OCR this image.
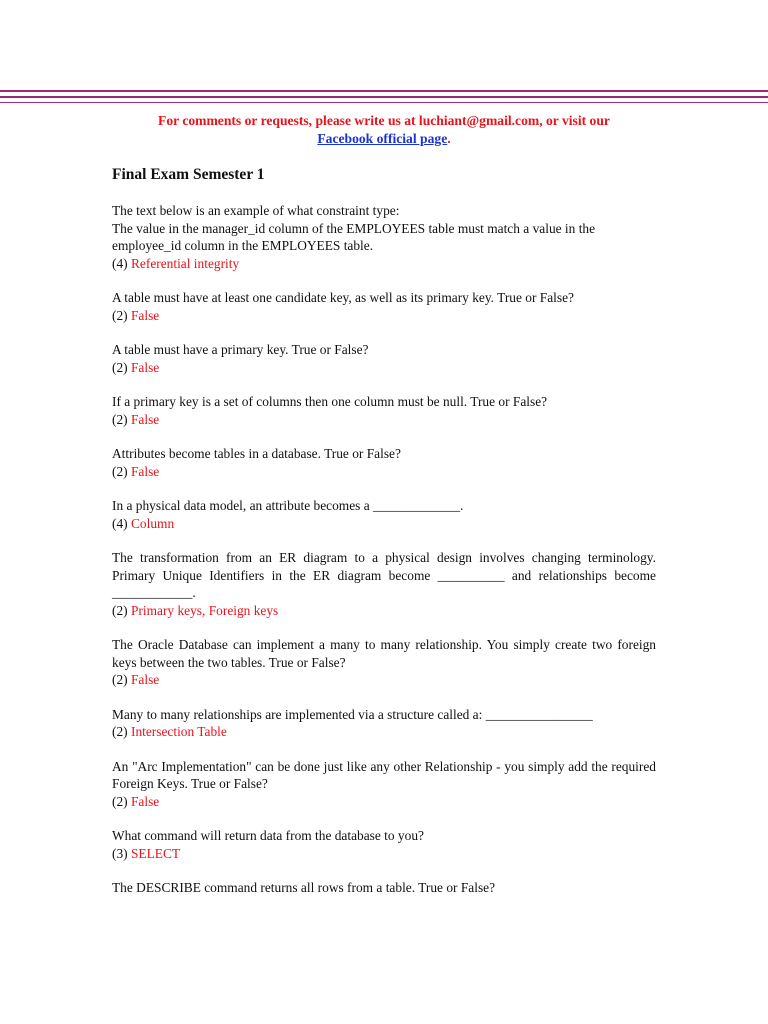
For comments or requests, please write us at luchiant@gmail.com, or visit our
Facebook official page.
Final Exam Semester 1

The text below is an example of what constraint type:

The value in the manager_id column of the EMPLOYEES table must match a value in the employee_id column in the EMPLOYEES table.

(4) Referential integrity

A table must have at least one candidate key, as well as its primary key. True or False?

(2) False

A table must have a primary key. True or False?

(2) False

If a primary key is a set of columns then one column must be null. True or False?

(2) False

Attributes become tables in a database. True or False?

(2) False

In a physical data model, an attribute becomes a _____________.

(4) Column

The transformation from an ER diagram to a physical design involves changing terminology. Primary Unique Identifiers in the ER diagram become __________ and relationships become ____________.

(2) Primary keys, Foreign keys

The Oracle Database can implement a many to many relationship. You simply create two foreign keys between the two tables. True or False?

(2) False

Many to many relationships are implemented via a structure called a: ________________

(2) Intersection Table

An "Arc Implementation" can be done just like any other Relationship - you simply add the required Foreign Keys. True or False?

(2) False

What command will return data from the database to you?

(3) SELECT

The DESCRIBE command returns all rows from a table. True or False?
